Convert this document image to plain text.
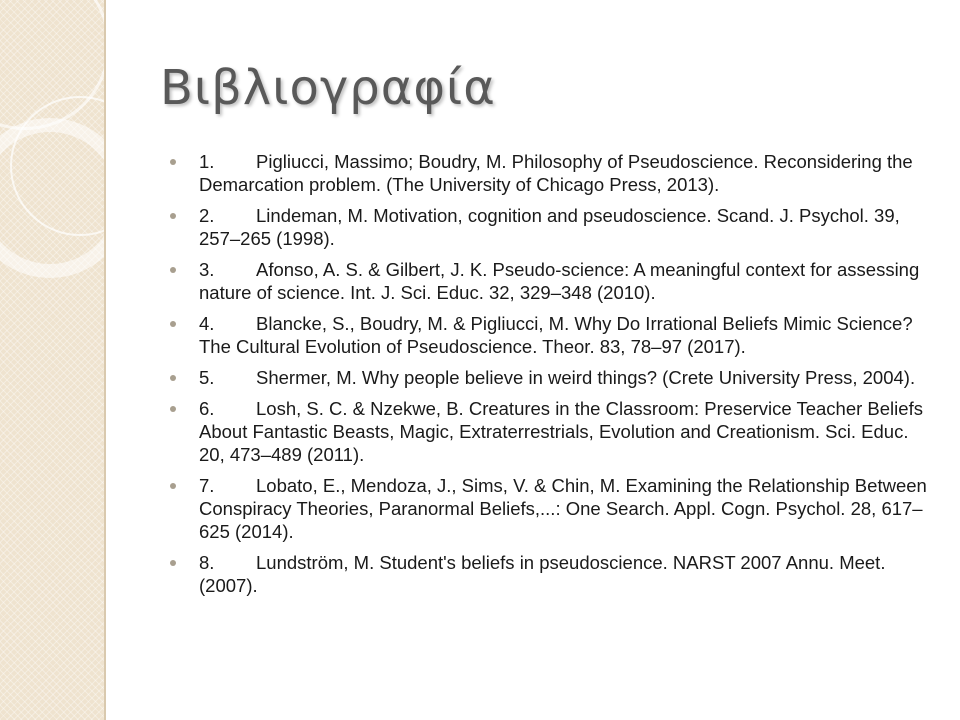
Βιβλιογραφία
1. Pigliucci, Massimo; Boudry, M. Philosophy of Pseudoscience. Reconsidering the Demarcation problem. (The University of Chicago Press, 2013).
2. Lindeman, M. Motivation, cognition and pseudoscience. Scand. J. Psychol. 39, 257–265 (1998).
3. Afonso, A. S. & Gilbert, J. K. Pseudo-science: A meaningful context for assessing nature of science. Int. J. Sci. Educ. 32, 329–348 (2010).
4. Blancke, S., Boudry, M. & Pigliucci, M. Why Do Irrational Beliefs Mimic Science? The Cultural Evolution of Pseudoscience. Theor. 83, 78–97 (2017).
5. Shermer, M. Why people believe in weird things? (Crete University Press, 2004).
6. Losh, S. C. & Nzekwe, B. Creatures in the Classroom: Preservice Teacher Beliefs About Fantastic Beasts, Magic, Extraterrestrials, Evolution and Creationism. Sci. Educ. 20, 473–489 (2011).
7. Lobato, E., Mendoza, J., Sims, V. & Chin, M. Examining the Relationship Between Conspiracy Theories, Paranormal Beliefs,...: One Search. Appl. Cogn. Psychol. 28, 617–625 (2014).
8. Lundström, M. Student's beliefs in pseudoscience. NARST 2007 Annu. Meet. (2007).
